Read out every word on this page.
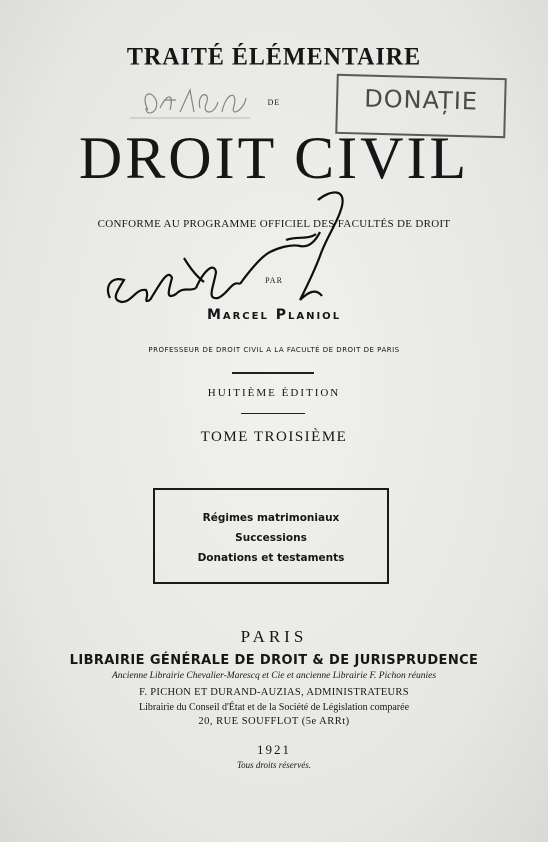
TRAITÉ ÉLÉMENTAIRE
DE
DROIT CIVIL
CONFORME AU PROGRAMME OFFICIEL DES FACULTÉS DE DROIT
PAR
Marcel Planiol
PROFESSEUR DE DROIT CIVIL A LA FACULTÉ DE DROIT DE PARIS
HUITIÈME ÉDITION
TOME TROISIÈME
Régimes matrimoniaux
Successions
Donations et testaments
PARIS
LIBRAIRIE GÉNÉRALE DE DROIT & DE JURISPRUDENCE
Ancienne Librairie Chevalier-Marescq et Cie et ancienne Librairie F. Pichon réunies
F. PICHON ET DURAND-AUZIAS, ADMINISTRATEURS
Librairie du Conseil d'État et de la Société de Législation comparée
20, RUE SOUFFLOT (5e ARRt)
1921
Tous droits réservés.
DONAȚIE
